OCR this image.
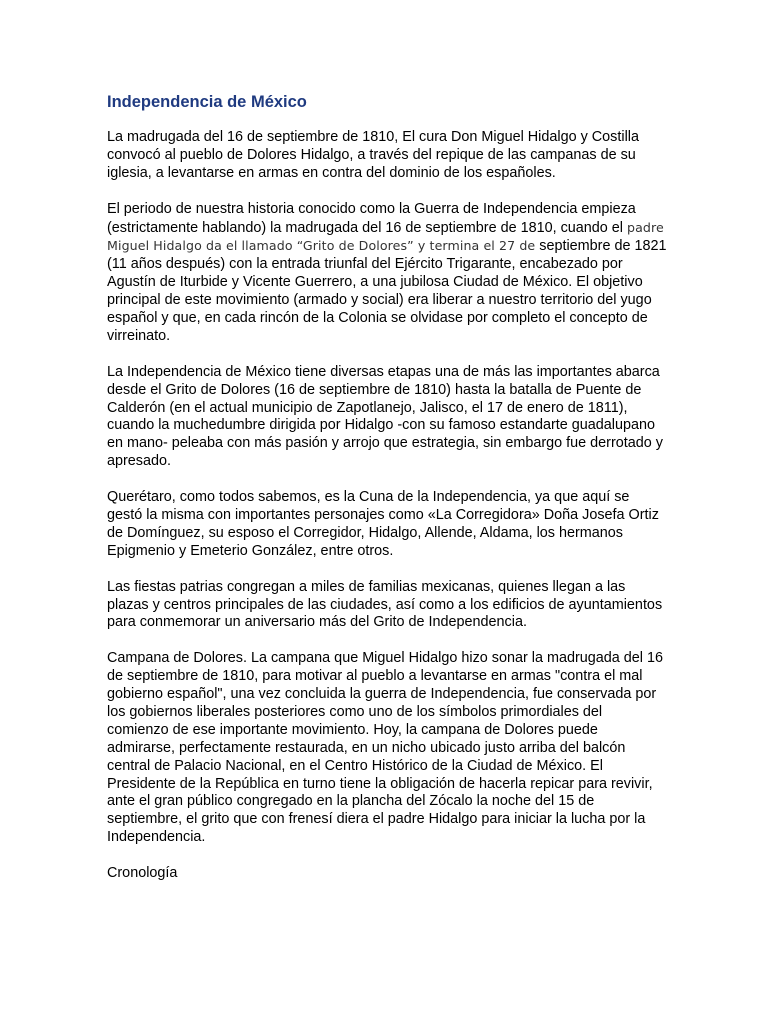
Independencia de México

La madrugada del 16 de septiembre de 1810, El cura Don Miguel Hidalgo y Costilla convocó al pueblo de Dolores Hidalgo, a través del repique de las campanas de su iglesia, a levantarse en armas en contra del dominio de los españoles.

El periodo de nuestra historia conocido como la Guerra de Independencia empieza (estrictamente hablando) la madrugada del 16 de septiembre de 1810, cuando el padre Miguel Hidalgo da el llamado “Grito de Dolores” y termina el 27 de septiembre de 1821 (11 años después) con la entrada triunfal del Ejército Trigarante, encabezado por Agustín de Iturbide y Vicente Guerrero, a una jubilosa Ciudad de México. El objetivo principal de este movimiento (armado y social) era liberar a nuestro territorio del yugo español y que, en cada rincón de la Colonia se olvidase por completo el concepto de virreinato.

La Independencia de México tiene diversas etapas una de más las importantes abarca desde el Grito de Dolores (16 de septiembre de 1810) hasta la batalla de Puente de Calderón (en el actual municipio de Zapotlanejo, Jalisco, el 17 de enero de 1811), cuando la muchedumbre dirigida por Hidalgo -con su famoso estandarte guadalupano en mano- peleaba con más pasión y arrojo que estrategia, sin embargo fue derrotado y apresado.

Querétaro, como todos sabemos, es la Cuna de la Independencia, ya que aquí se gestó la misma con importantes personajes como «La Corregidora» Doña Josefa Ortiz de Domínguez, su esposo el Corregidor, Hidalgo, Allende, Aldama, los hermanos Epigmenio y Emeterio González, entre otros.

Las fiestas patrias congregan a miles de familias mexicanas, quienes llegan a las plazas y centros principales de las ciudades, así como a los edificios de ayuntamientos para conmemorar un aniversario más del Grito de Independencia.

Campana de Dolores. La campana que Miguel Hidalgo hizo sonar la madrugada del 16 de septiembre de 1810, para motivar al pueblo a levantarse en armas "contra el mal gobierno español", una vez concluida la guerra de Independencia, fue conservada por los gobiernos liberales posteriores como uno de los símbolos primordiales del comienzo de ese importante movimiento. Hoy, la campana de Dolores puede admirarse, perfectamente restaurada, en un nicho ubicado justo arriba del balcón central de Palacio Nacional, en el Centro Histórico de la Ciudad de México. El Presidente de la República en turno tiene la obligación de hacerla repicar para revivir, ante el gran público congregado en la plancha del Zócalo la noche del 15 de septiembre, el grito que con frenesí diera el padre Hidalgo para iniciar la lucha por la Independencia.

Cronología
